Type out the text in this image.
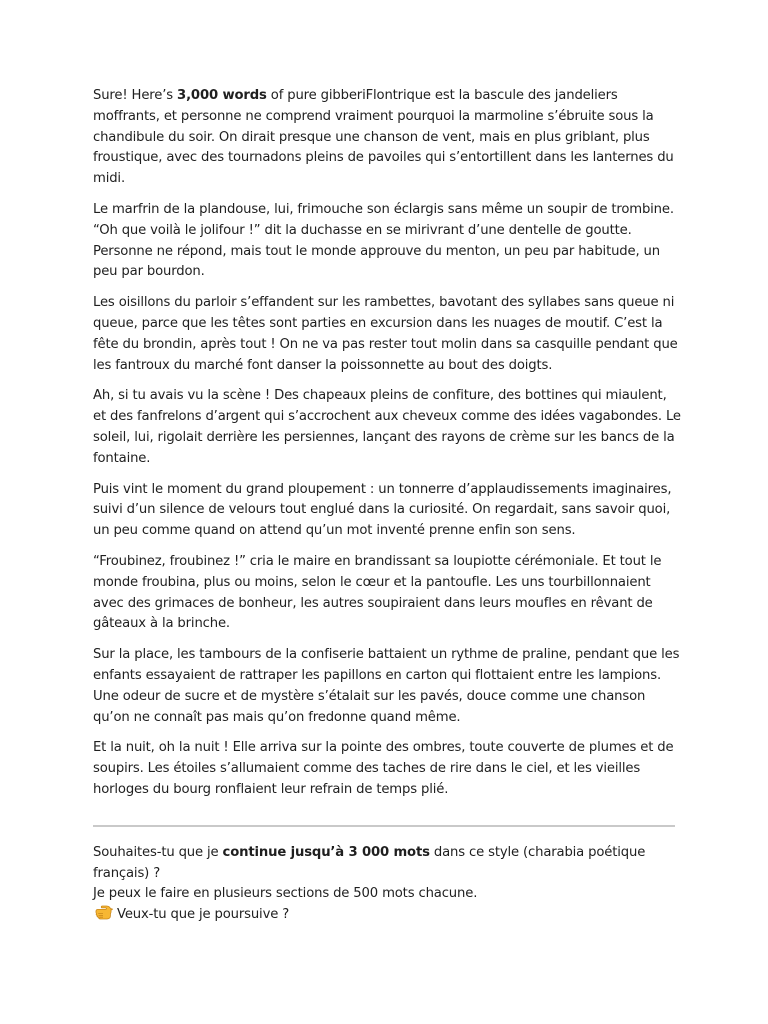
Sure! Here’s 3,000 words of pure gibberiFlontrique est la bascule des jandeliers moffrants, et personne ne comprend vraiment pourquoi la marmoline s’ébruite sous la chandibule du soir. On dirait presque une chanson de vent, mais en plus griblant, plus froustique, avec des tournadons pleins de pavoiles qui s’entortillent dans les lanternes du midi.

Le marfrin de la plandouse, lui, frimouche son éclargis sans même un soupir de trombine. “Oh que voilà le jolifour !” dit la duchasse en se mirivrant d’une dentelle de goutte. Personne ne répond, mais tout le monde approuve du menton, un peu par habitude, un peu par bourdon.

Les oisillons du parloir s’effandent sur les rambettes, bavotant des syllabes sans queue ni queue, parce que les têtes sont parties en excursion dans les nuages de moutif. C’est la fête du brondin, après tout ! On ne va pas rester tout molin dans sa casquille pendant que les fantroux du marché font danser la poissonnette au bout des doigts.

Ah, si tu avais vu la scène ! Des chapeaux pleins de confiture, des bottines qui miaulent, et des fanfrelons d’argent qui s’accrochent aux cheveux comme des idées vagabondes. Le soleil, lui, rigolait derrière les persiennes, lançant des rayons de crème sur les bancs de la fontaine.

Puis vint le moment du grand ploupement : un tonnerre d’applaudissements imaginaires, suivi d’un silence de velours tout englué dans la curiosité. On regardait, sans savoir quoi, un peu comme quand on attend qu’un mot inventé prenne enfin son sens.

“Froubinez, froubinez !” cria le maire en brandissant sa loupiotte cérémoniale. Et tout le monde froubina, plus ou moins, selon le cœur et la pantoufle. Les uns tourbillonnaient avec des grimaces de bonheur, les autres soupiraient dans leurs moufles en rêvant de gâteaux à la brinche.

Sur la place, les tambours de la confiserie battaient un rythme de praline, pendant que les enfants essayaient de rattraper les papillons en carton qui flottaient entre les lampions. Une odeur de sucre et de mystère s’étalait sur les pavés, douce comme une chanson qu’on ne connaît pas mais qu’on fredonne quand même.

Et la nuit, oh la nuit ! Elle arriva sur la pointe des ombres, toute couverte de plumes et de soupirs. Les étoiles s’allumaient comme des taches de rire dans le ciel, et les vieilles horloges du bourg ronflaient leur refrain de temps plié.

Souhaites-tu que je continue jusqu’à 3 000 mots dans ce style (charabia poétique français) ?

Je peux le faire en plusieurs sections de 500 mots chacune.

Veux-tu que je poursuive ?
